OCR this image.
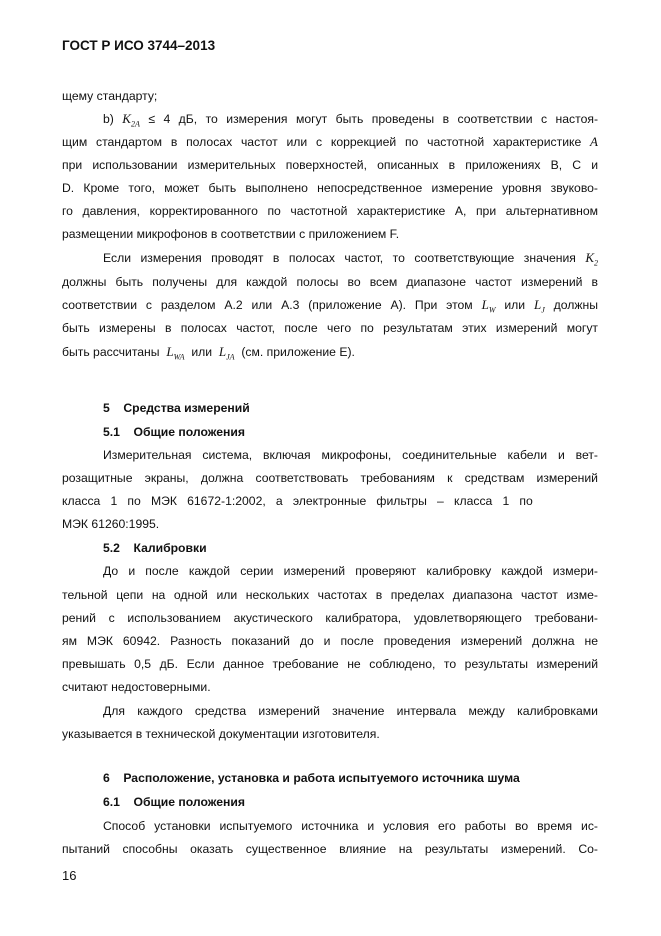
ГОСТ Р ИСО 3744–2013
щему стандарту;
b) $K_{2A} \le 4$ дБ, то измерения могут быть проведены в соответствии с настоя-
щим стандартом в полосах частот или с коррекцией по частотной характеристике A
при использовании измерительных поверхностей, описанных в приложениях B, C и
D. Кроме того, может быть выполнено непосредственное измерение уровня звуково-
го давления, корректированного по частотной характеристике A, при альтернативном
размещении микрофонов в соответствии с приложением F.
Если измерения проводят в полосах частот, то соответствующие значения $K_2$
должны быть получены для каждой полосы во всем диапазоне частот измерений в
соответствии с разделом A.2 или A.3 (приложение A). При этом $L_W$ или $L_J$ должны
быть измерены в полосах частот, после чего по результатам этих измерений могут
быть рассчитаны $L_{WA}$ или $L_{JA}$ (см. приложение E).
5    Средства измерений
5.1    Общие положения
Измерительная система, включая микрофоны, соединительные кабели и вет-
розащитные экраны, должна соответствовать требованиям к средствам измерений
класса   1   по   МЭК   61672-1:2002,   а   электронные   фильтры   –   класса   1   по
МЭК 61260:1995.
5.2    Калибровки
До и после каждой серии измерений проверяют калибровку каждой измери-
тельной цепи на одной или нескольких частотах в пределах диапазона частот изме-
рений с использованием акустического калибратора, удовлетворяющего требовани-
ям МЭК 60942. Разность показаний до и после проведения измерений должна не
превышать 0,5 дБ. Если данное требование не соблюдено, то результаты измерений
считают недостоверными.
Для каждого средства измерений значение интервала между калибровками
указывается в технической документации изготовителя.
6    Расположение, установка и работа испытуемого источника шума
6.1    Общие положения
Способ установки испытуемого источника и условия его работы во время ис-
пытаний способны оказать существенное влияние на результаты измерений. Со-
16
